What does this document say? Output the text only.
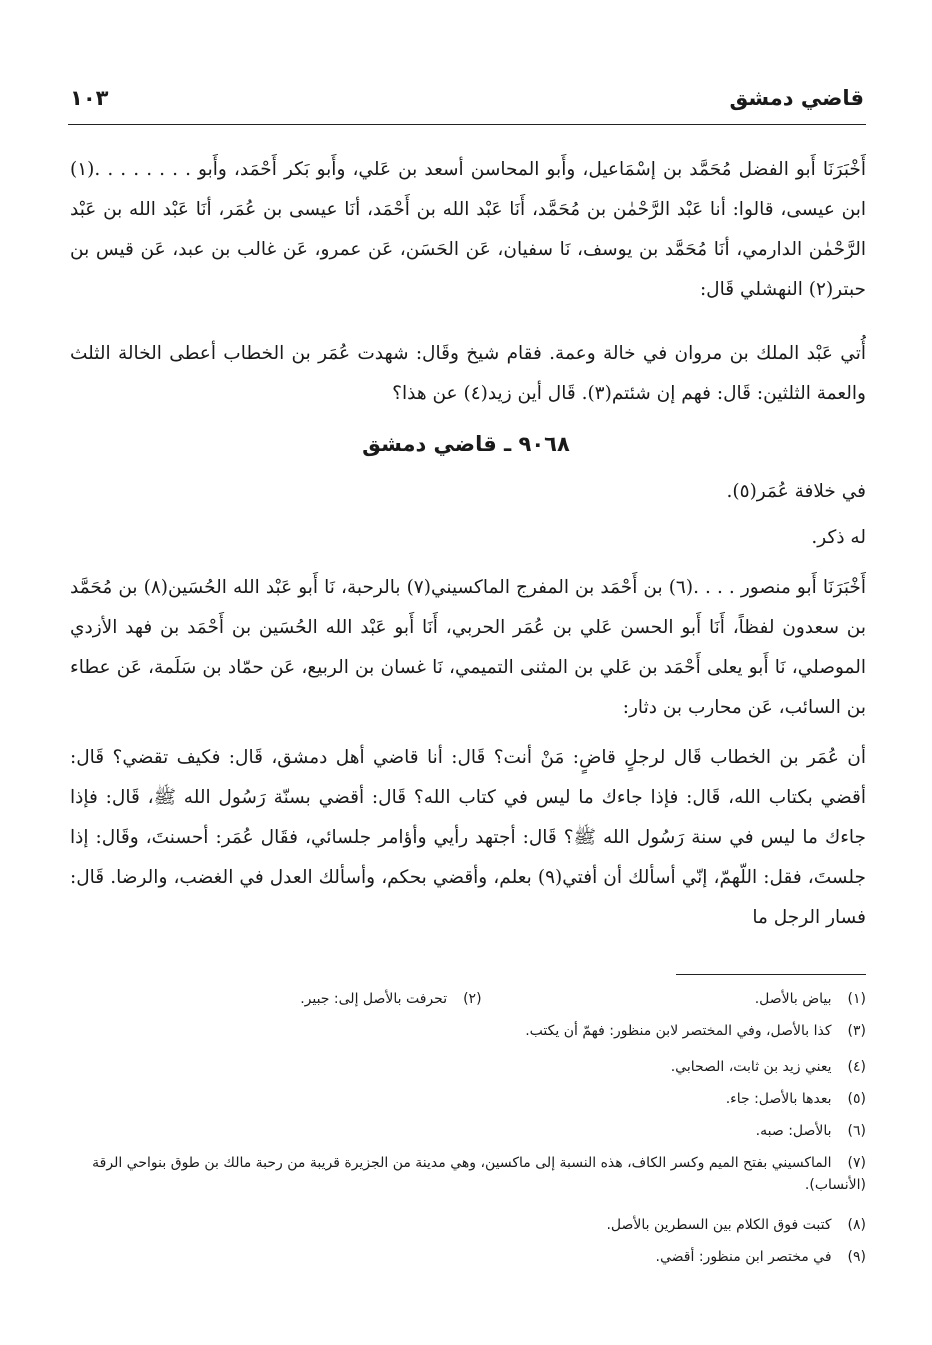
قاضي دمشق
١٠٣
أَخْبَرَنَا أَبو الفضل مُحَمَّد بن إسْمَاعيل، وأَبو المحاسن أسعد بن عَلي، وأَبو بَكر أَحْمَد، وأَبو . . . . . . . .(١) ابن عيسى، قالوا: أنا عَبْد الرَّحْمٰن بن مُحَمَّد، أَنَا عَبْد الله بن أَحْمَد، أنَا عيسى بن عُمَر، أنَا عَبْد الله بن عَبْد الرَّحْمٰن الدارمي، أنَا مُحَمَّد بن يوسف، نَا سفيان، عَن الحَسَن، عَن عمرو، عَن غالب بن عبد، عَن قيس بن حبتر(٢) النهشلي قَال:
أُتي عَبْد الملك بن مروان في خالة وعمة. فقام شيخ وقَال: شهدت عُمَر بن الخطاب أعطى الخالة الثلث والعمة الثلثين: قَال: فهم إن شئتم(٣). قَال أين زيد(٤) عن هذا؟
٩٠٦٨ ـ قاضي دمشق
في خلافة عُمَر(٥).
له ذكر.
أَخْبَرَنَا أَبو منصور . . . .(٦) بن أَحْمَد بن المفرج الماكسيني(٧) بالرحبة، نَا أَبو عَبْد الله الحُسَين(٨) بن مُحَمَّد بن سعدون لفظاً، أَنَا أَبو الحسن عَلي بن عُمَر الحربي، أَنَا أَبو عَبْد الله الحُسَين بن أَحْمَد بن فهد الأزدي الموصلي، نَا أَبو يعلى أَحْمَد بن عَلي بن المثنى التميمي، نَا غسان بن الربيع، عَن حمّاد بن سَلَمة، عَن عطاء بن السائب، عَن محارب بن دثار:
أن عُمَر بن الخطاب قَال لرجلٍ قاضٍ: مَنْ أنت؟ قَال: أنا قاضي أهل دمشق، قَال: فكيف تقضي؟ قَال: أقضي بكتاب الله، قَال: فإذا جاءك ما ليس في كتاب الله؟ قَال: أقضي بسنّة رَسُول الله ﷺ، قَال: فإذا جاءك ما ليس في سنة رَسُول الله ﷺ؟ قَال: أجتهد رأيي وأؤامر جلسائي، فقَال عُمَر: أحسنتَ، وقَال: إذا جلستَ، فقل: اللّهمّ، إنّي أسألك أن أفتي(٩) بعلم، وأقضي بحكم، وأسألك العدل في الغضب، والرضا. قَال: فسار الرجل ما
(١) بياض بالأصل. (٢) تحرفت بالأصل إلى: جبير.
(٣) كذا بالأصل، وفي المختصر لابن منظور: فهمّ أن يكتب.
(٤) يعني زيد بن ثابت، الصحابي.
(٥) بعدها بالأصل: جاء.
(٦) بالأصل: صبه.
(٧) الماكسيني بفتح الميم وكسر الكاف، هذه النسبة إلى ماكسين، وهي مدينة من الجزيرة قريبة من رحبة مالك بن طوق بنواحي الرقة (الأنساب).
(٨) كتبت فوق الكلام بين السطرين بالأصل.
(٩) في مختصر ابن منظور: أقضي.
